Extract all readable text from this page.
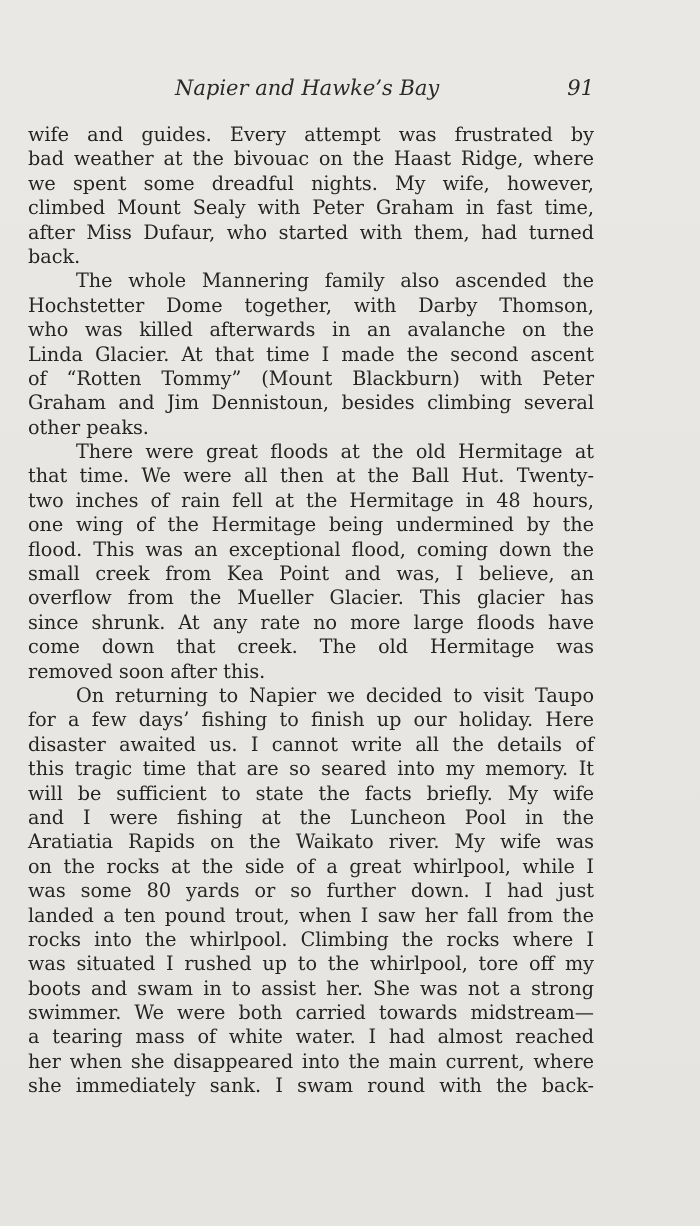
Napier and Hawke’s Bay	91
wife and guides. Every attempt was frustrated by
bad weather at the bivouac on the Haast Ridge, where
we spent some dreadful nights. My wife, however,
climbed Mount Sealy with Peter Graham in fast time,
after Miss Dufaur, who started with them, had turned
back.
The whole Mannering family also ascended the
Hochstetter Dome together, with Darby Thomson,
who was killed afterwards in an avalanche on the
Linda Glacier. At that time I made the second ascent
of “Rotten Tommy” (Mount Blackburn) with Peter
Graham and Jim Dennistoun, besides climbing several
other peaks.
There were great floods at the old Hermitage at
that time. We were all then at the Ball Hut. Twenty-
two inches of rain fell at the Hermitage in 48 hours,
one wing of the Hermitage being undermined by the
flood. This was an exceptional flood, coming down the
small creek from Kea Point and was, I believe, an
overflow from the Mueller Glacier. This glacier has
since shrunk. At any rate no more large floods have
come down that creek. The old Hermitage was
removed soon after this.
On returning to Napier we decided to visit Taupo
for a few days’ fishing to finish up our holiday. Here
disaster awaited us. I cannot write all the details of
this tragic time that are so seared into my memory. It
will be sufficient to state the facts briefly. My wife
and I were fishing at the Luncheon Pool in the
Aratiatia Rapids on the Waikato river. My wife was
on the rocks at the side of a great whirlpool, while I
was some 80 yards or so further down. I had just
landed a ten pound trout, when I saw her fall from the
rocks into the whirlpool. Climbing the rocks where I
was situated I rushed up to the whirlpool, tore off my
boots and swam in to assist her. She was not a strong
swimmer. We were both carried towards midstream—
a tearing mass of white water. I had almost reached
her when she disappeared into the main current, where
she immediately sank. I swam round with the back-
